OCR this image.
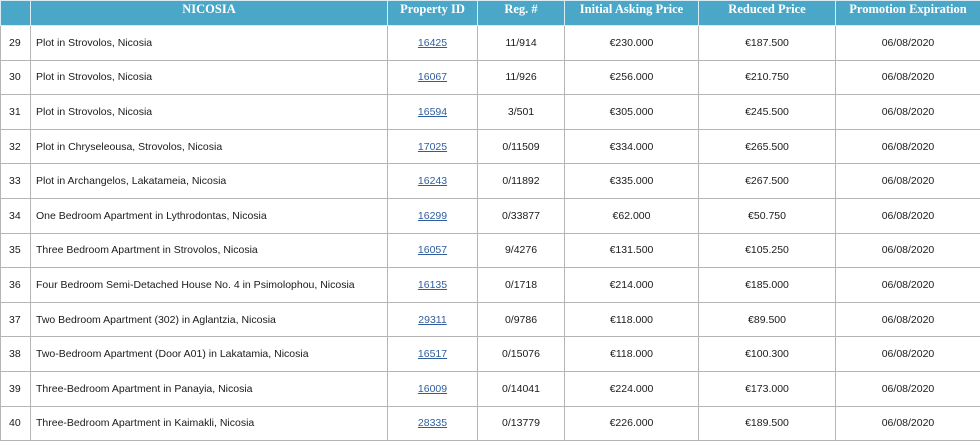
	NICOSIA	Property ID	Reg. #	Initial Asking Price	Reduced Price	Promotion Expiration
29	Plot in Strovolos, Nicosia	16425	11/914	€230.000	€187.500	06/08/2020
30	Plot in Strovolos, Nicosia	16067	11/926	€256.000	€210.750	06/08/2020
31	Plot in Strovolos, Nicosia	16594	3/501	€305.000	€245.500	06/08/2020
32	Plot in Chryseleousa, Strovolos, Nicosia	17025	0/11509	€334.000	€265.500	06/08/2020
33	Plot in Archangelos, Lakatameia, Nicosia	16243	0/11892	€335.000	€267.500	06/08/2020
34	One Bedroom Apartment in Lythrodontas, Nicosia	16299	0/33877	€62.000	€50.750	06/08/2020
35	Three Bedroom Apartment in Strovolos, Nicosia	16057	9/4276	€131.500	€105.250	06/08/2020
36	Four Bedroom Semi-Detached House No. 4 in Psimolophou, Nicosia	16135	0/1718	€214.000	€185.000	06/08/2020
37	Two Bedroom Apartment (302) in Aglantzia, Nicosia	29311	0/9786	€118.000	€89.500	06/08/2020
38	Two-Bedroom Apartment (Door A01) in Lakatamia, Nicosia	16517	0/15076	€118.000	€100.300	06/08/2020
39	Three-Bedroom Apartment in Panayia, Nicosia	16009	0/14041	€224.000	€173.000	06/08/2020
40	Three-Bedroom Apartment in Kaimakli, Nicosia	28335	0/13779	€226.000	€189.500	06/08/2020
